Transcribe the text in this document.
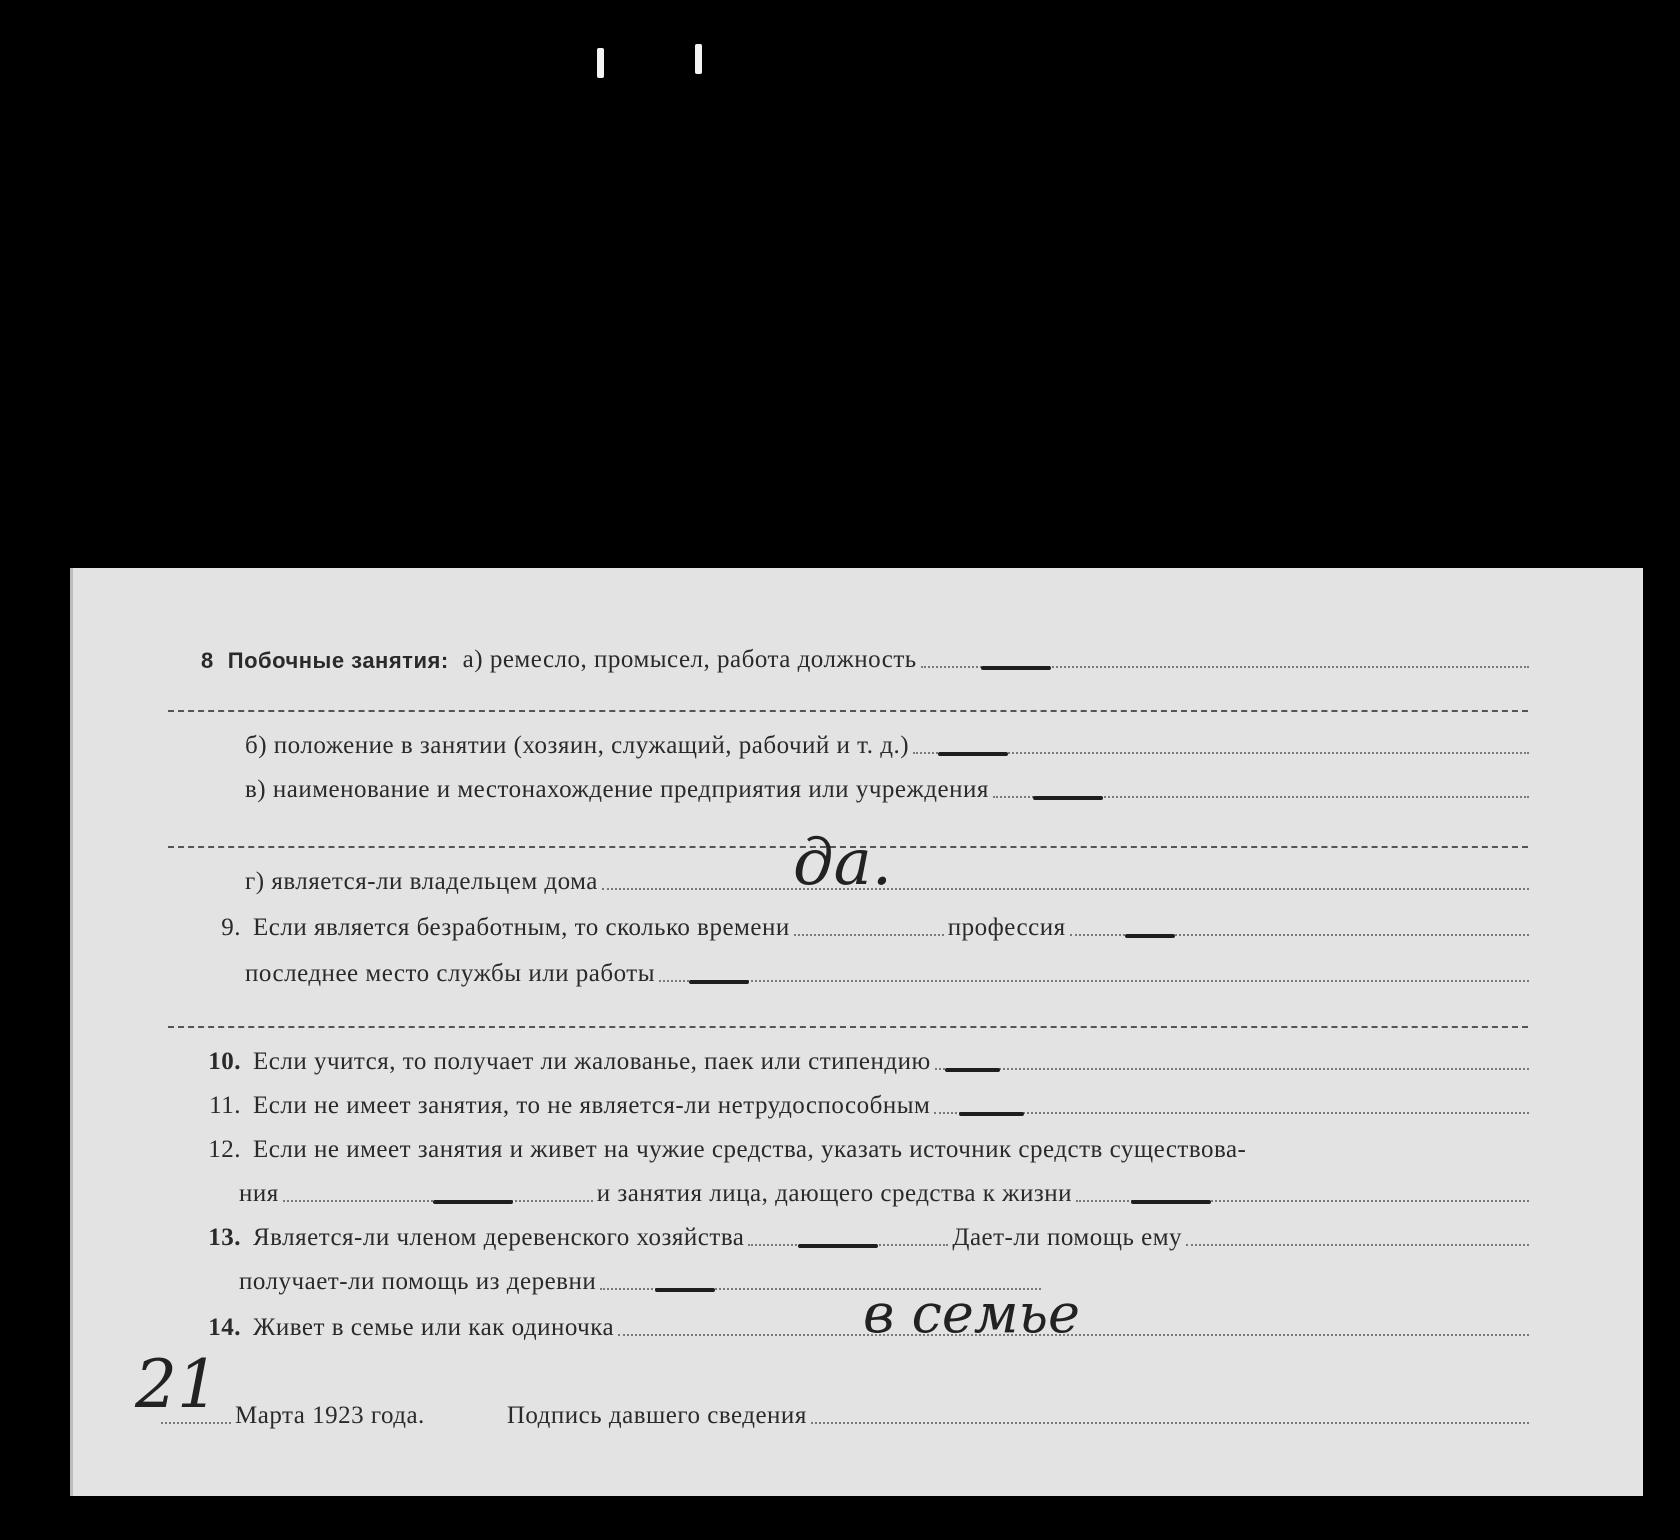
8 Побочные занятия: а) ремесло, промысел, работа должность
б) положение в занятии (хозяин, служащий, рабочий и т. д.)
в) наименование и местонахождение предприятия или учреждения
г) является-ли владельцем дома	да.
9. Если является безработным, то сколько времени	профессия
последнее место службы или работы
10. Если учится, то получает ли жалованье, паек или стипендию
11. Если не имеет занятия, то не является-ли нетрудоспособным
12. Если не имеет занятия и живет на чужие средства, указать источник средств существова-
ния	и занятия лица, дающего средства к жизни
13. Является-ли членом деревенского хозяйства	Дает-ли помощь ему
получает-ли помощь из деревни
14. Живет в семье или как одиночка	в семье
21 Марта 1923 года.	Подпись давшего сведения
